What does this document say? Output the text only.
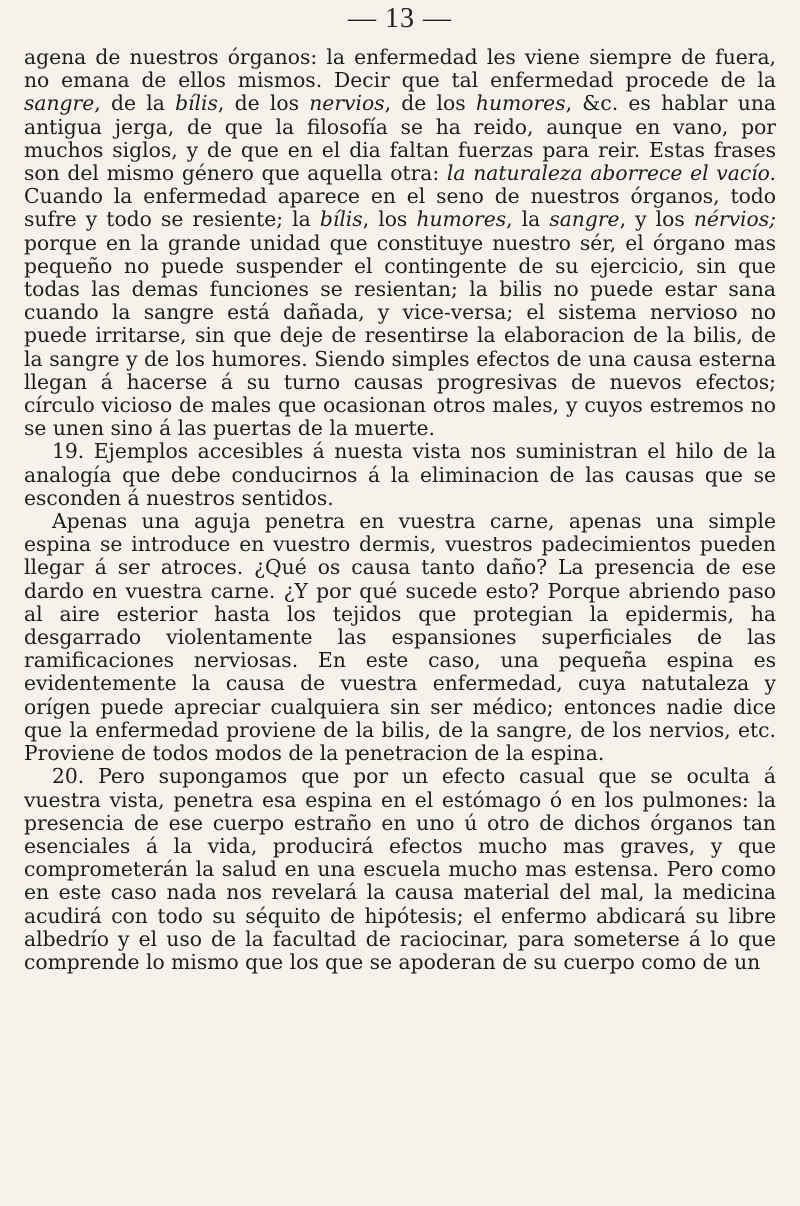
— 13 —

agena de nuestros órganos: la enfermedad les viene siempre de fuera, no emana de ellos mismos. Decir que tal enfermedad procede de la sangre, de la bílis, de los nervios, de los humores, &c. es hablar una antigua jerga, de que la filosofía se ha reido, aunque en vano, por muchos siglos, y de que en el dia faltan fuerzas para reir. Estas frases son del mismo género que aquella otra: la naturaleza aborrece el vacío. Cuando la enfermedad aparece en el seno de nuestros órganos, todo sufre y todo se resiente; la bílis, los humores, la sangre, y los nérvios; porque en la grande unidad que constituye nuestro sér, el órgano mas pequeño no puede suspender el contingente de su ejercicio, sin que todas las demas funciones se resientan; la bilis no puede estar sana cuando la sangre está dañada, y vice-versa; el sistema nervioso no puede irritarse, sin que deje de resentirse la elaboracion de la bilis, de la sangre y de los humores. Siendo simples efectos de una causa esterna llegan á hacerse á su turno causas progresivas de nuevos efectos; círculo vicioso de males que ocasionan otros males, y cuyos estremos no se unen sino á las puertas de la muerte.

19. Ejemplos accesibles á nuesta vista nos suministran el hilo de la analogía que debe conducirnos á la eliminacion de las causas que se esconden á nuestros sentidos.

Apenas una aguja penetra en vuestra carne, apenas una simple espina se introduce en vuestro dermis, vuestros padecimientos pueden llegar á ser atroces. ¿Qué os causa tanto daño? La presencia de ese dardo en vuestra carne. ¿Y por qué sucede esto? Porque abriendo paso al aire esterior hasta los tejidos que protegian la epidermis, ha desgarrado violentamente las espansiones superficiales de las ramificaciones nerviosas. En este caso, una pequeña espina es evidentemente la causa de vuestra enfermedad, cuya natutaleza y orígen puede apreciar cualquiera sin ser médico; entonces nadie dice que la enfermedad proviene de la bilis, de la sangre, de los nervios, etc. Proviene de todos modos de la penetracion de la espina.

20. Pero supongamos que por un efecto casual que se oculta á vuestra vista, penetra esa espina en el estómago ó en los pulmones: la presencia de ese cuerpo estraño en uno ú otro de dichos órganos tan esenciales á la vida, producirá efectos mucho mas graves, y que comprometerán la salud en una escuela mucho mas estensa. Pero como en este caso nada nos revelará la causa material del mal, la medicina acudirá con todo su séquito de hipótesis; el enfermo abdicará su libre albedrío y el uso de la facultad de raciocinar, para someterse á lo que comprende lo mismo que los que se apoderan de su cuerpo como de un
